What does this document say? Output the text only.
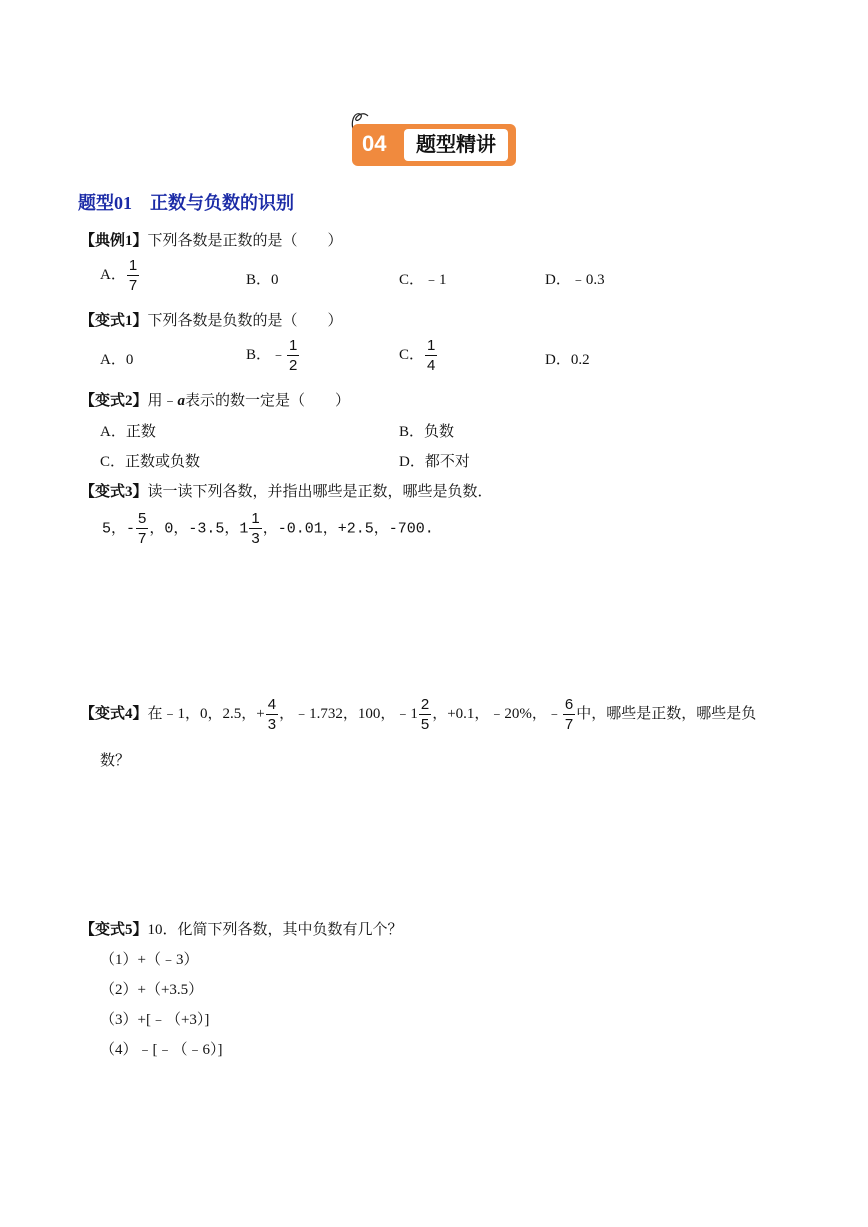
04	题型精讲
题型01　正数与负数的识别
【典例1】下列各数是正数的是（　　）
A． $\frac{1}{7}$	B．0	C．﹣1	D．﹣0.3
【变式1】下列各数是负数的是（　　）
A．0	B．﹣ $\frac{1}{2}$	C． $\frac{1}{4}$	D．0.2
【变式2】用﹣a表示的数一定是（　　）
A．正数	B．负数
C．正数或负数	D．都不对
【变式3】读一读下列各数，并指出哪些是正数，哪些是负数．
5，- $\frac{5}{7}$ ，0，-3.5，$1 \frac{1}{3}$ ，-0.01，+2.5，-700.
【变式4】在﹣1，0，2.5，+ $\frac{4}{3}$ ，﹣1.732，100，﹣1 $\frac{2}{5}$ ，+0.1，﹣20%，﹣ $\frac{6}{7}$ 中，哪些是正数，哪些是负
数？
【变式5】10．化简下列各数，其中负数有几个？
（1）+（﹣3）
（2）+（+3.5）
（3）+[﹣（+3）]
（4）﹣[﹣（﹣6）]
